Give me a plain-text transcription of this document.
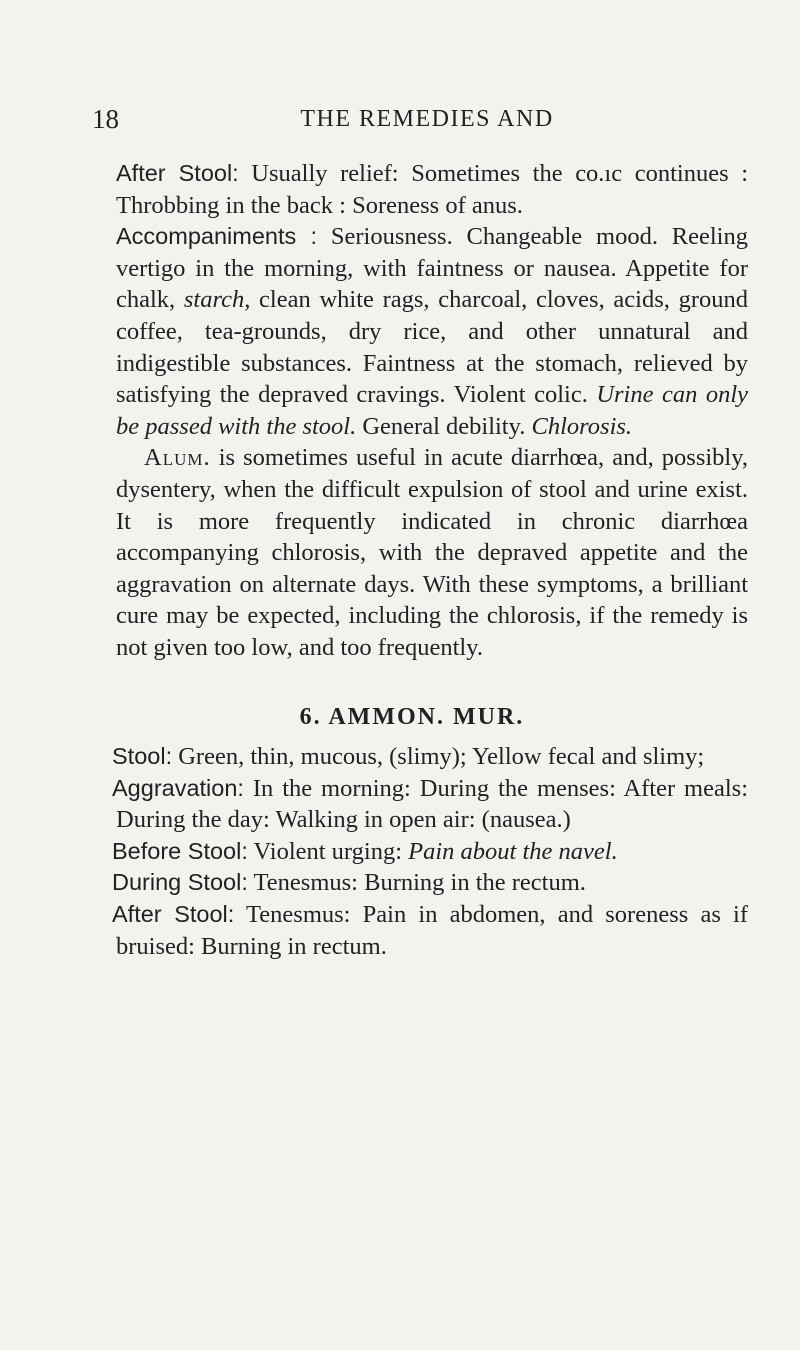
18	THE REMEDIES AND

After Stool: Usually relief: Sometimes the co.ıc continues : Throbbing in the back : Soreness of anus.

Accompaniments : Seriousness. Changeable mood. Reeling vertigo in the morning, with faintness or nausea. Appetite for chalk, starch, clean white rags, charcoal, cloves, acids, ground coffee, tea-grounds, dry rice, and other unnatural and indigestible substances. Faintness at the stomach, relieved by satisfying the depraved cravings. Violent colic. Urine can only be passed with the stool. General debility. Chlorosis.

Alum. is sometimes useful in acute diarrhœa, and, possibly, dysentery, when the difficult expulsion of stool and urine exist. It is more frequently indicated in chronic diarrhœa accompanying chlorosis, with the depraved appetite and the aggravation on alternate days. With these symptoms, a brilliant cure may be expected, including the chlorosis, if the remedy is not given too low, and too frequently.

6. AMMON. MUR.

Stool: Green, thin, mucous, (slimy); Yellow fecal and slimy;

Aggravation: In the morning: During the menses: After meals: During the day: Walking in open air: (nausea.)

Before Stool: Violent urging: Pain about the navel.

During Stool: Tenesmus: Burning in the rectum.

After Stool: Tenesmus: Pain in abdomen, and soreness as if bruised: Burning in rectum.
